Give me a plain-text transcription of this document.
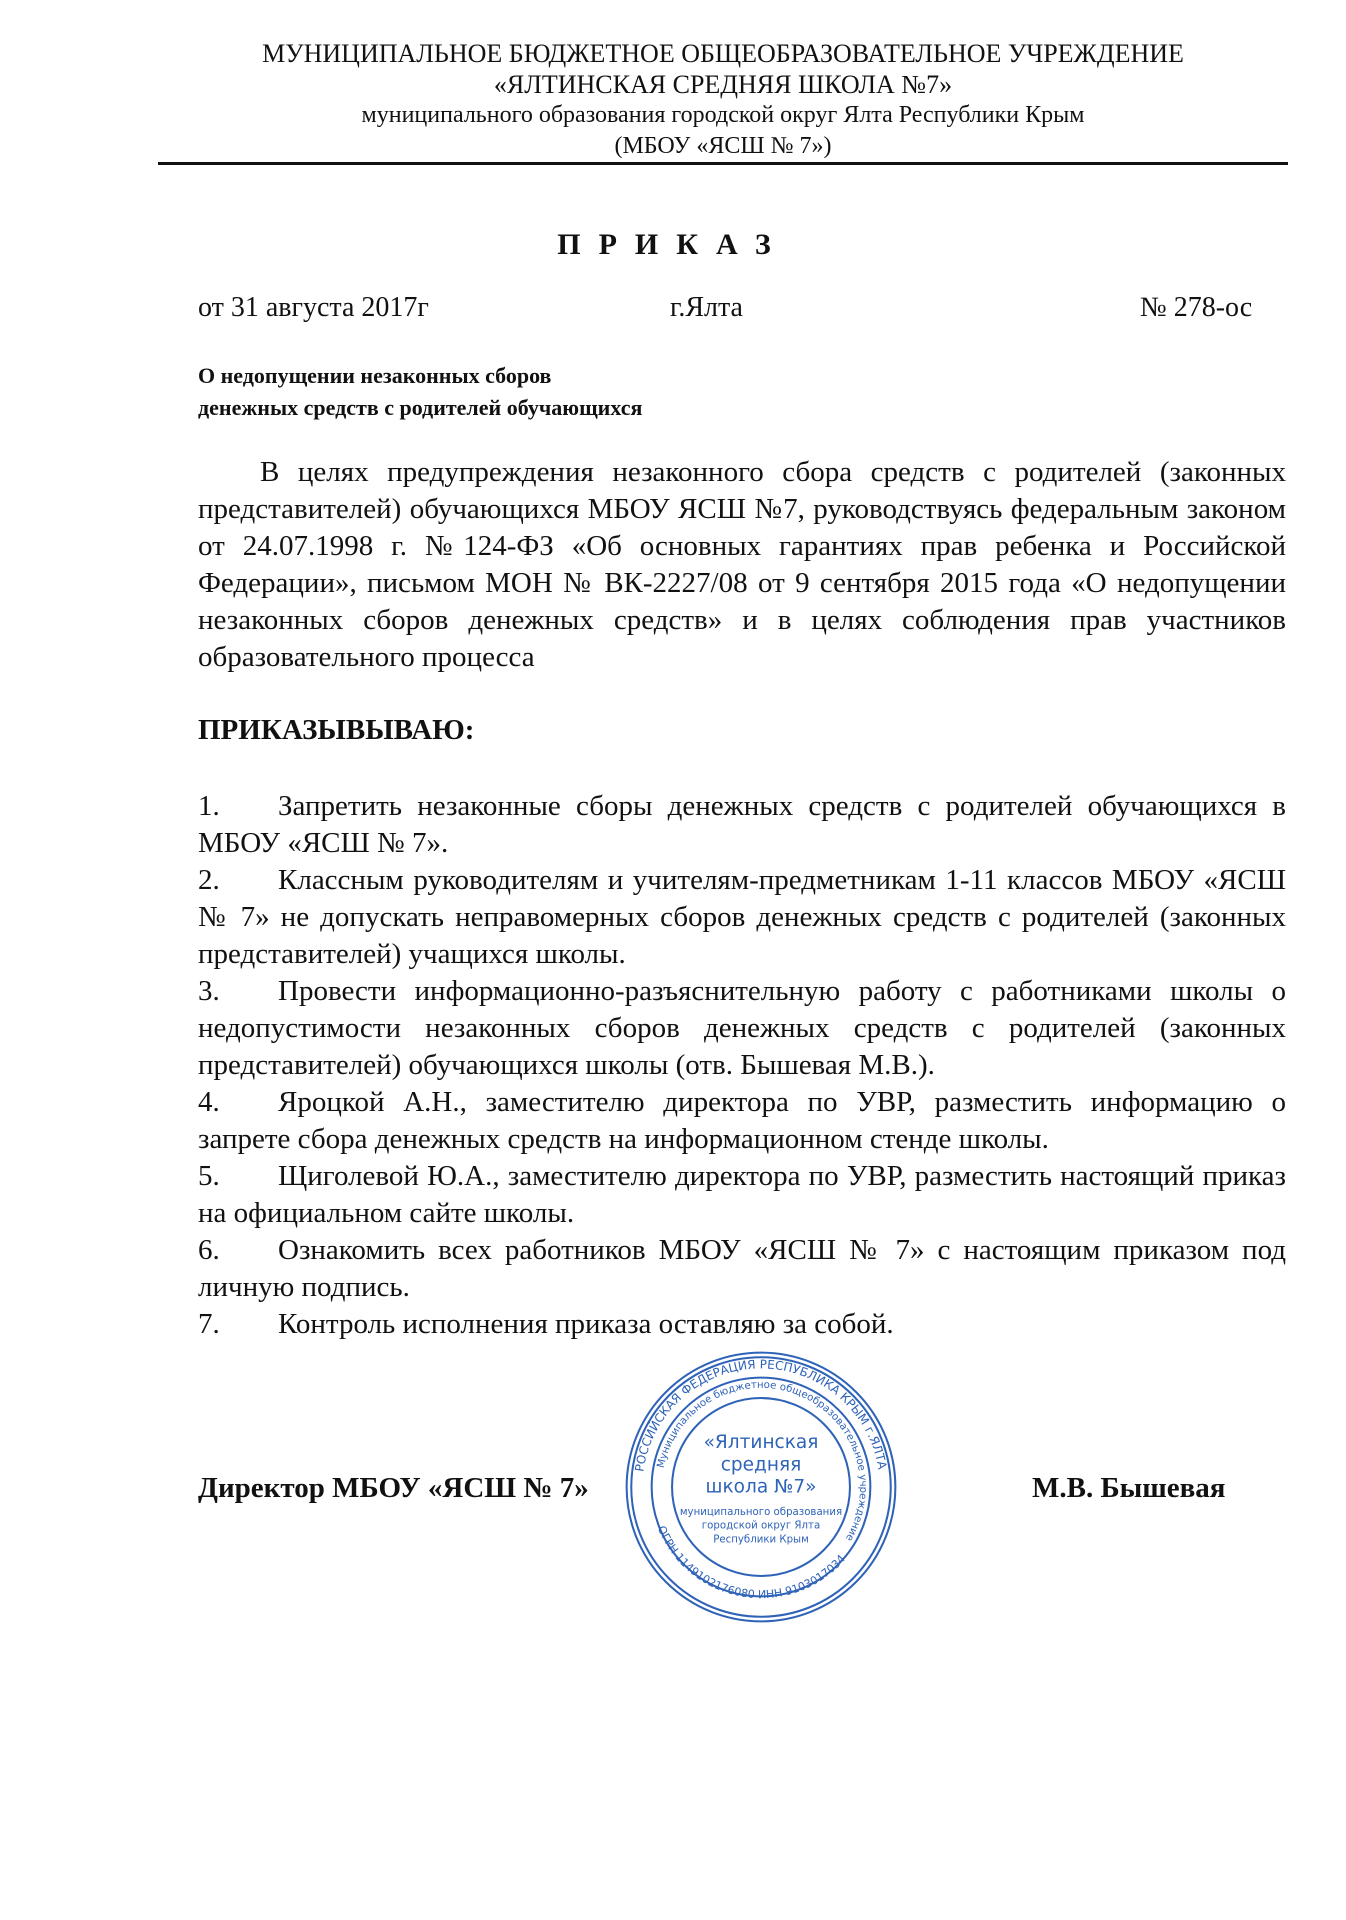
МУНИЦИПАЛЬНОЕ БЮДЖЕТНОЕ ОБЩЕОБРАЗОВАТЕЛЬНОЕ УЧРЕЖДЕНИЕ
«ЯЛТИНСКАЯ СРЕДНЯЯ ШКОЛА №7»
муниципального образования городской округ Ялта Республики Крым
(МБОУ «ЯСШ № 7»)
ПРИКАЗ
от 31 августа 2017г	г.Ялта	№ 278-ос
О недопущении незаконных сборов
денежных средств с родителей обучающихся
В целях предупреждения незаконного сбора средств с родителей (законных представителей) обучающихся МБОУ ЯСШ №7, руководствуясь федеральным законом от 24.07.1998 г. №124-ФЗ «Об основных гарантиях прав ребенка и Российской Федерации», письмом МОН № ВК-2227/08 от 9 сентября 2015 года «О недопущении незаконных сборов денежных средств» и в целях соблюдения прав участников образовательного процесса
ПРИКАЗЫВЫВАЮ:
1. Запретить незаконные сборы денежных средств с родителей обучающихся в МБОУ «ЯСШ № 7».
2. Классным руководителям и учителям-предметникам 1-11 классов МБОУ «ЯСШ № 7» не допускать неправомерных сборов денежных средств с родителей (законных представителей) учащихся школы.
3. Провести информационно-разъяснительную работу с работниками школы о недопустимости незаконных сборов денежных средств с родителей (законных представителей) обучающихся школы (отв. Бышевая М.В.).
4. Яроцкой А.Н., заместителю директора по УВР, разместить информацию о запрете сбора денежных средств на информационном стенде школы.
5. Щиголевой Ю.А., заместителю директора по УВР, разместить настоящий приказ на официальном сайте школы.
6. Ознакомить всех работников МБОУ «ЯСШ № 7» с настоящим приказом под личную подпись.
7. Контроль исполнения приказа оставляю за собой.
РОССИЙСКАЯ ФЕДЕРАЦИЯ РЕСПУБЛИКА КРЫМ г.ЯЛТА
Муниципальное бюджетное общеобразовательное учреждение
ОГРН 1149102176080 ИНН 9103017034
«Ялтинская
средняя
школа №7»
муниципального образования
городской округ Ялта
Республики Крым
Директор МБОУ «ЯСШ № 7»	М.В. Бышевая
